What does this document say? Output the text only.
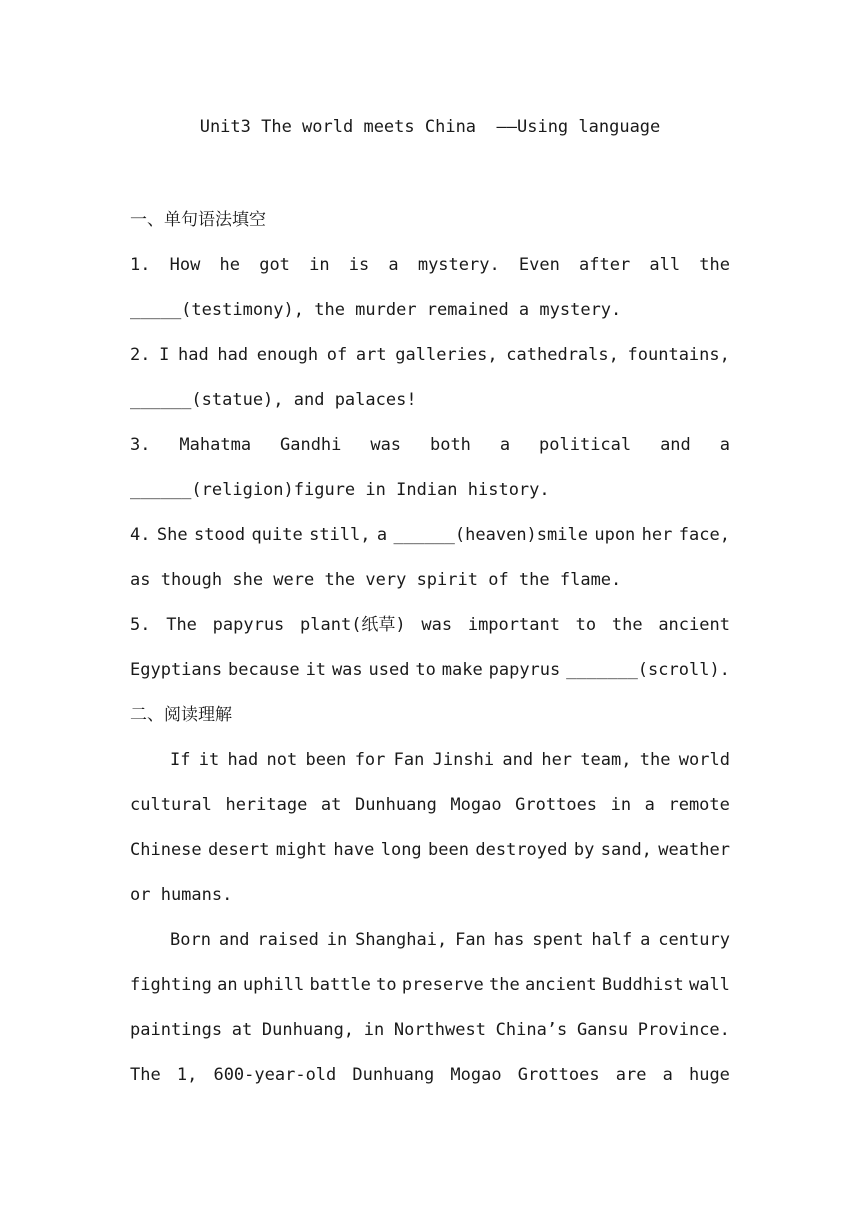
Unit3 The world meets China  ——Using language
一、单句语法填空
1. How he got in is a mystery. Even after all the
_____(testimony), the murder remained a mystery.
2. I had had enough of art galleries, cathedrals, fountains,
______(statue), and palaces!
3. Mahatma Gandhi was both a political and a
______(religion)figure in Indian history.
4. She stood quite still, a ______(heaven)smile upon her face,
as though she were the very spirit of the flame.
5. The papyrus plant(纸草) was important to the ancient
Egyptians because it was used to make papyrus _______(scroll).
二、阅读理解
If it had not been for Fan Jinshi and her team, the world
cultural heritage at Dunhuang Mogao Grottoes in a remote
Chinese desert might have long been destroyed by sand, weather
or humans.
Born and raised in Shanghai, Fan has spent half a century
fighting an uphill battle to preserve the ancient Buddhist wall
paintings at Dunhuang, in Northwest China’s Gansu Province.
The 1, 600-year-old Dunhuang Mogao Grottoes are a huge
